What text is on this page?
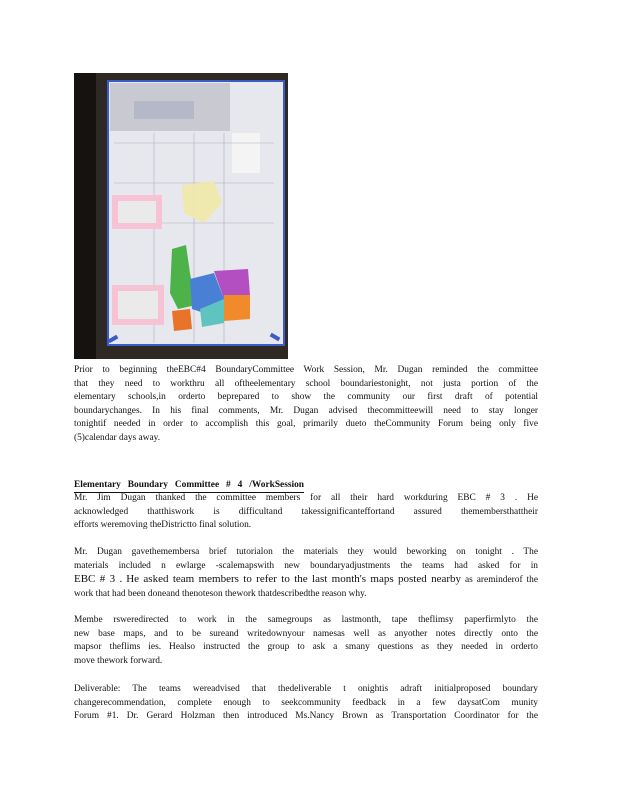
Prior to beginning theEBC#4 BoundaryCommittee Work Session, Mr. Dugan reminded the committee

that they need to workthru all oftheelementary school boundariestonight, not justa portion of the

elementary schools,in orderto beprepared to show the community our first draft of potential

boundarychanges. In his final comments, Mr. Dugan advised thecommitteewill need to stay longer

tonightif needed in order to accomplish this goal, primarily dueto theCommunity Forum being only five

(5)calendar days away.

Elementary Boundary Committee # 4 /WorkSession

Mr. Jim Dugan thanked the committee members for all their hard workduring EBC # 3 . He

acknowledged thatthiswork is difficultand takessignificanteffortand assured themembersthattheir

efforts weremoving theDistrictto final solution.

Mr. Dugan gavethemembersa brief tutorialon the materials they would beworking on tonight . The

materials included n ewlarge -scalemapswith new boundaryadjustments the teams had asked for in

EBC # 3 . He asked team members to refer to the last month's maps posted nearby as areminderof the

work that had been doneand thenoteson thework thatdescribedthe reason why.

Membe rsweredirected to work in the samegroups as lastmonth, tape theflimsy paperfirmlyto the

new base maps, and to be sureand writedownyour namesas well as anyother notes directly onto the

mapsor theflims ies. Healso instructed the group to ask a smany questions as they needed in orderto

move thework forward.

Deliverable: The teams wereadvised that thedeliverable t onightis adraft initialproposed boundary

changerecommendation, complete enough to seekcommunity feedback in a few daysatCom munity

Forum #1. Dr. Gerard Holzman then introduced Ms.Nancy Brown as Transportation Coordinator for the
